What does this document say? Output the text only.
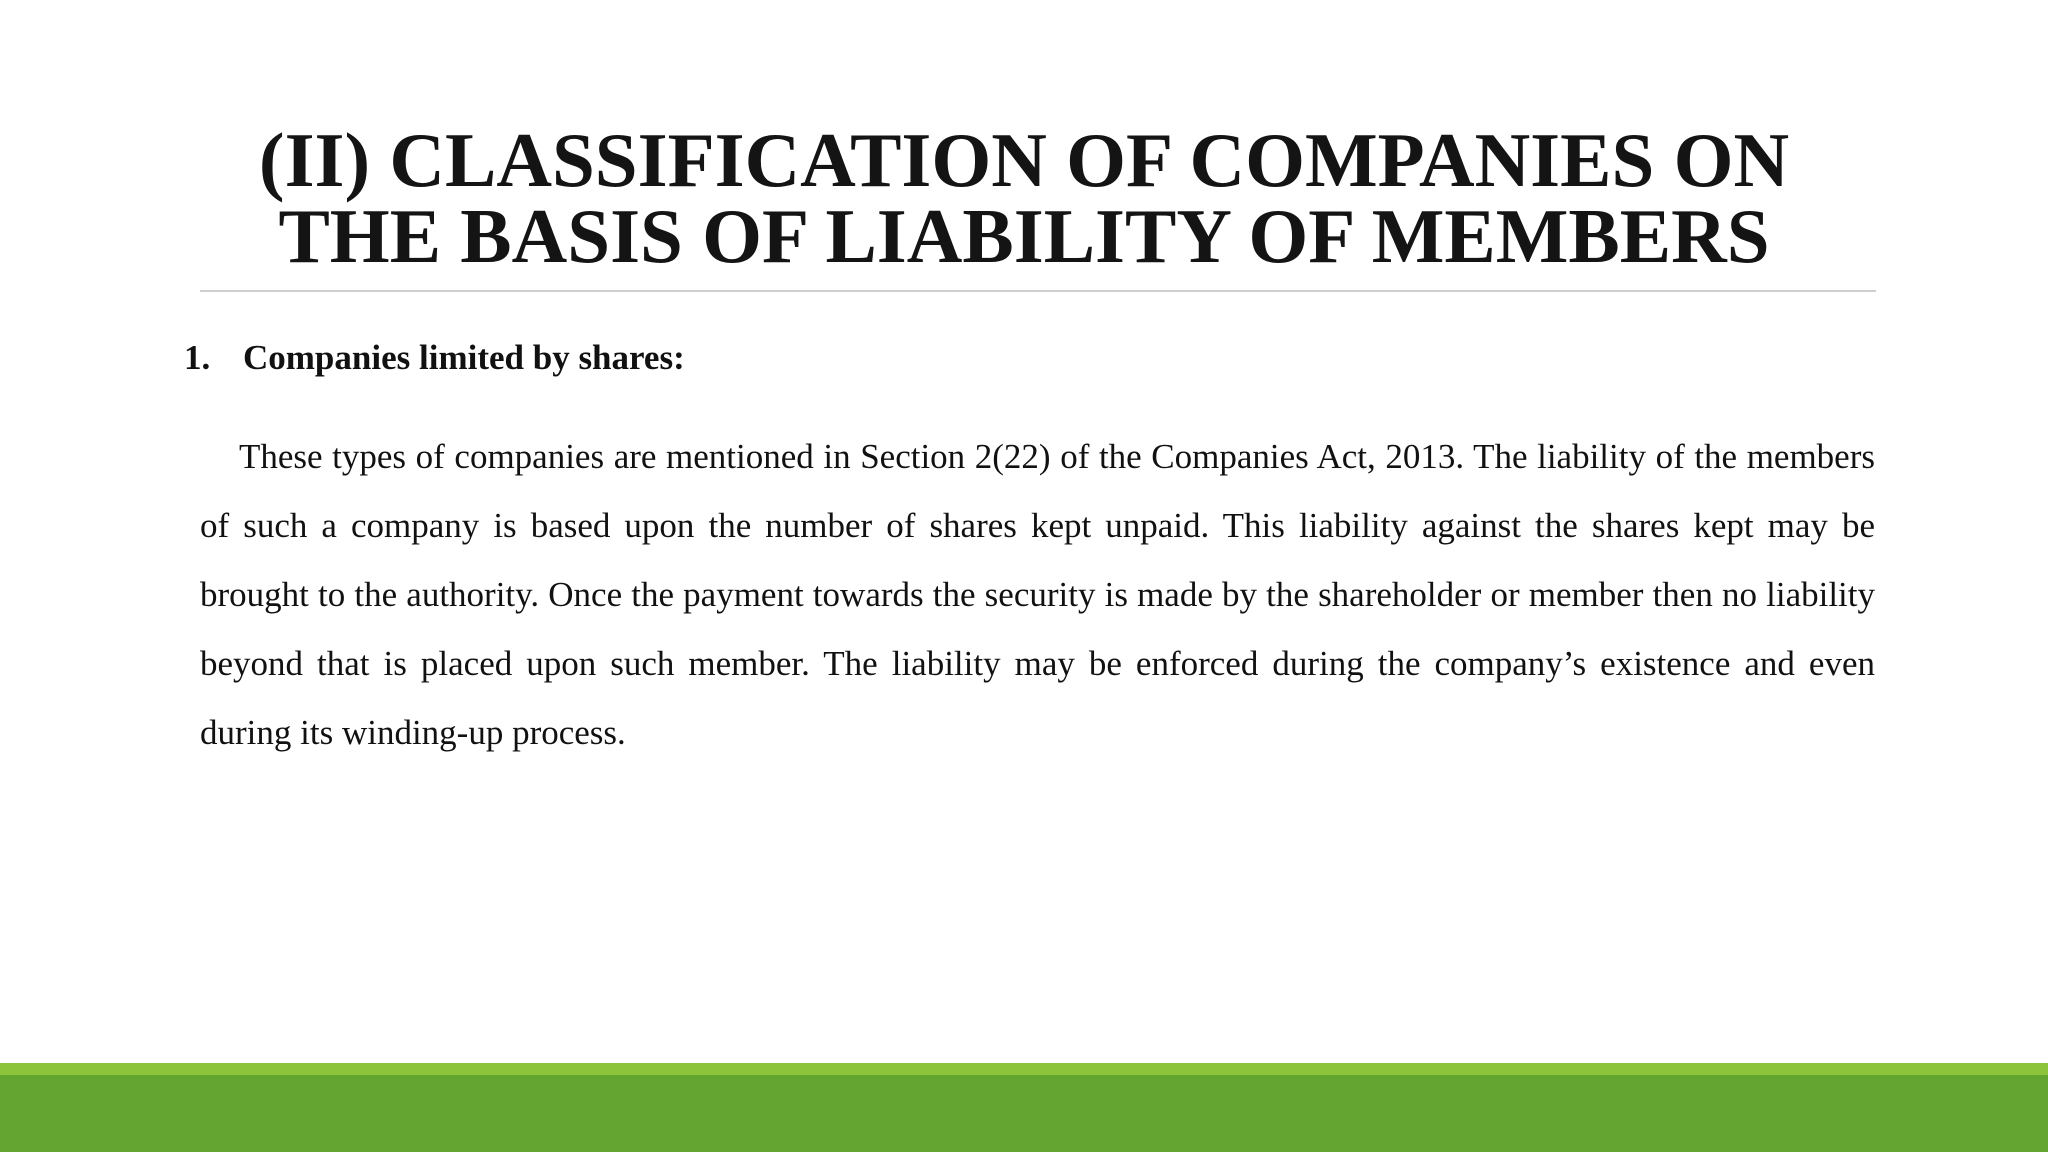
(II) CLASSIFICATION OF COMPANIES ON
THE BASIS OF LIABILITY OF MEMBERS
1. Companies limited by shares:

These types of companies are mentioned in Section 2(22) of the Companies Act, 2013. The liability of the members of such a company is based upon the number of shares kept unpaid. This liability against the shares kept may be brought to the authority. Once the payment towards the security is made by the shareholder or member then no liability beyond that is placed upon such member. The liability may be enforced during the company’s existence and even during its winding-up process.
